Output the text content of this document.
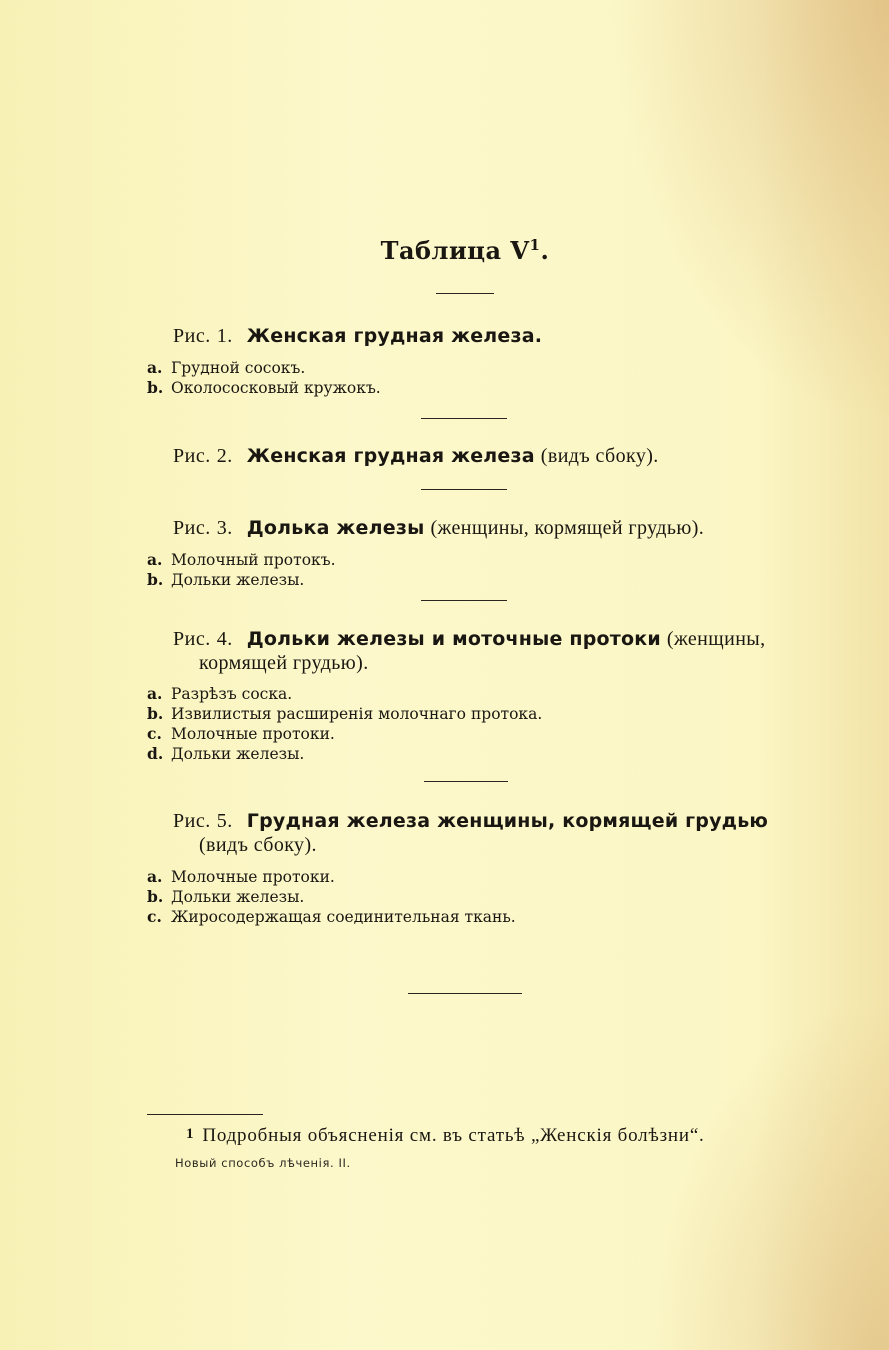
Таблица $V^1$.
Рис. 1. Женская грудная железа.
a. Грудной сосокъ.
b. Околососковый кружокъ.
Рис. 2. Женская грудная железа (видъ сбоку).
Рис. 3. Долька железы (женщины, кормящей грудью).
a. Молочный протокъ.
b. Дольки железы.
Рис. 4. Дольки железы и моточные протоки (женщины,
кормящей грудью).
a. Разрѣзъ соска.
b. Извилистыя расширенія молочнаго протока.
c. Молочные протоки.
d. Дольки железы.
Рис. 5. Грудная железа женщины, кормящей грудью
(видъ сбоку).
a. Молочные протоки.
b. Дольки железы.
c. Жиросодержащая соединительная ткань.
1 Подробныя объясненія см. въ статьѣ „Женскія болѣзни“.
Новый способъ лѣченія. II.
